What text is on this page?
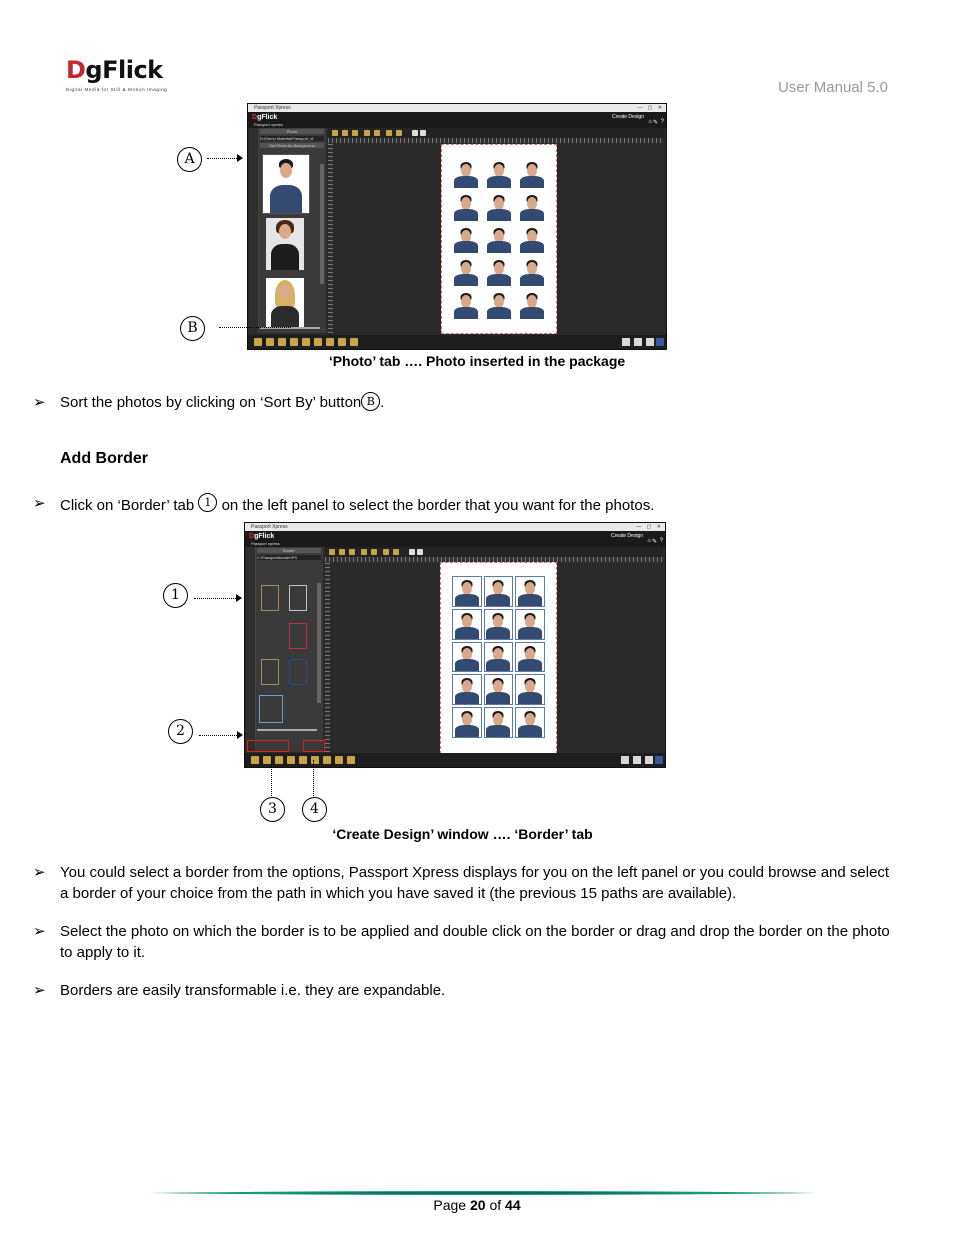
DgFlick
Digital Media for Still & Motion Imaging	User Manual 5.0
Passport Xpress	— ▢ ✕
DgFlick
Passport xpress
Create Design
⌂ ✎ ?
Photo
D:\Demo Material\Passport_xf
Set Photo As Background
A
B
‘Photo’ tab …. Photo inserted in the package
➢ Sort the photos by clicking on ‘Sort By’ button B .
Add Border
➢ Click on ‘Border’ tab 1 on the left panel to select the border that you want for the photos.
Passport Xpress	— ▢ ✕
DgFlick
Passport xpress
Create Design
⌂ ✎ ?
Border
C:\Passport\border\PS
1
2
3	4
‘Create Design’ window …. ‘Border’ tab
➢ You could select a border from the options, Passport Xpress displays for you on the left panel or you could browse and select a border of your choice from the path in which you have saved it (the previous 15 paths are available).
➢ Select the photo on which the border is to be applied and double click on the border or drag and drop the border on the photo to apply to it.
➢ Borders are easily transformable i.e. they are expandable.
Page 20 of 44
